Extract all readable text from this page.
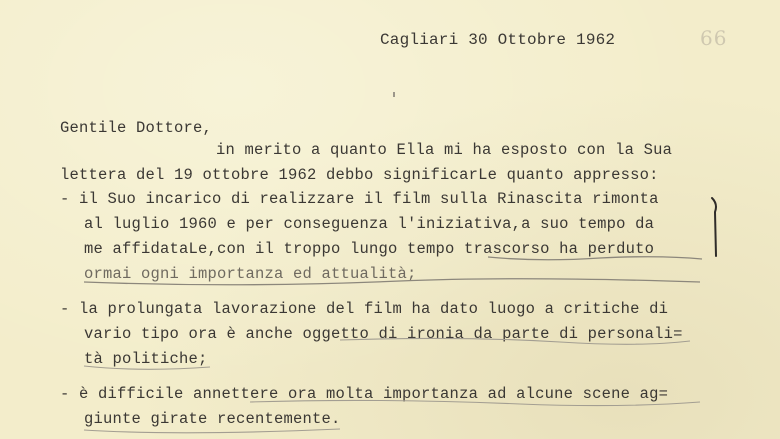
66
Cagliari 30 Ottobre 1962
Gentile Dottore,
in merito a quanto Ella mi ha esposto con la Sua
lettera del 19 ottobre 1962 debbo significarLe quanto appresso:
- il Suo incarico di realizzare il film sulla Rinascita rimonta
al luglio 1960 e per conseguenza l'iniziativa,a suo tempo da
me affidataLe,con il troppo lungo tempo trascorso ha perduto
ormai ogni importanza ed attualità;
- la prolungata lavorazione del film ha dato luogo a critiche di
vario tipo ora è anche oggetto di ironia da parte di personali=
tà politiche;
- è difficile annettere ora molta importanza ad alcune scene ag=
giunte girate recentemente.
